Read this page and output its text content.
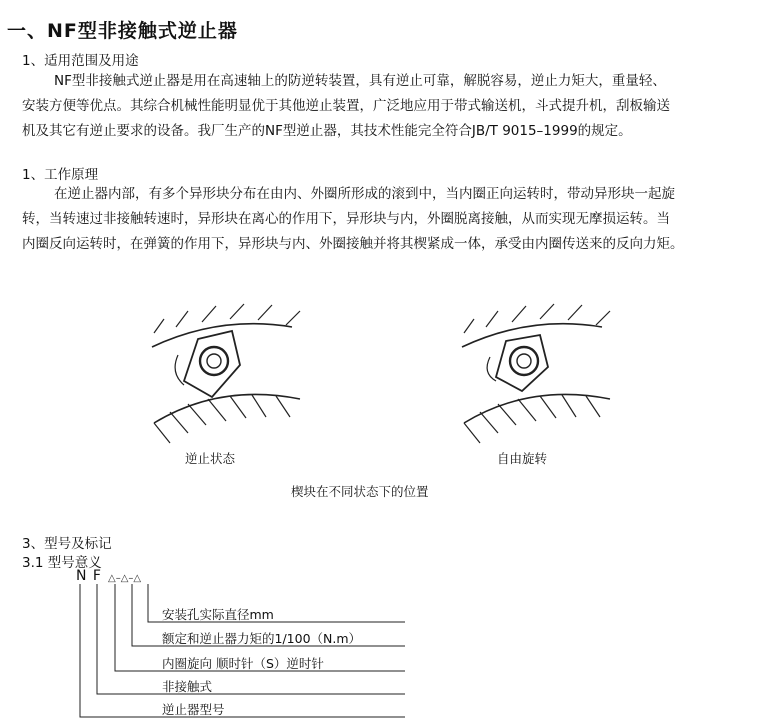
一、NF型非接触式逆止器
1、适用范围及用途

NF型非接触式逆止器是用在高速轴上的防逆转装置，具有逆止可靠，解脱容易，逆止力矩大，重量轻、

安装方便等优点。其综合机械性能明显优于其他逆止装置，广泛地应用于带式输送机，斗式提升机，刮板输送

机及其它有逆止要求的设备。我厂生产的NF型逆止器，其技术性能完全符合JB/T 9015–1999的规定。

1、工作原理

在逆止器内部，有多个异形块分布在由内、外圈所形成的滚到中，当内圈正向运转时，带动异形块一起旋

转，当转速过非接触转速时，异形块在离心的作用下，异形块与内，外圈脱离接触，从而实现无摩损运转。当

内圈反向运转时，在弹簧的作用下，异形块与内、外圈接触并将其楔紧成一体，承受由内圈传送来的反向力矩。

逆止状态	自由旋转
楔块在不同状态下的位置
3、型号及标记
3.1 型号意义
N F △–△–△
安装孔实际直径mm
额定和逆止器力矩的1/100（N.m）
内圈旋向 顺时针（S）逆时针
非接触式
逆止器型号
